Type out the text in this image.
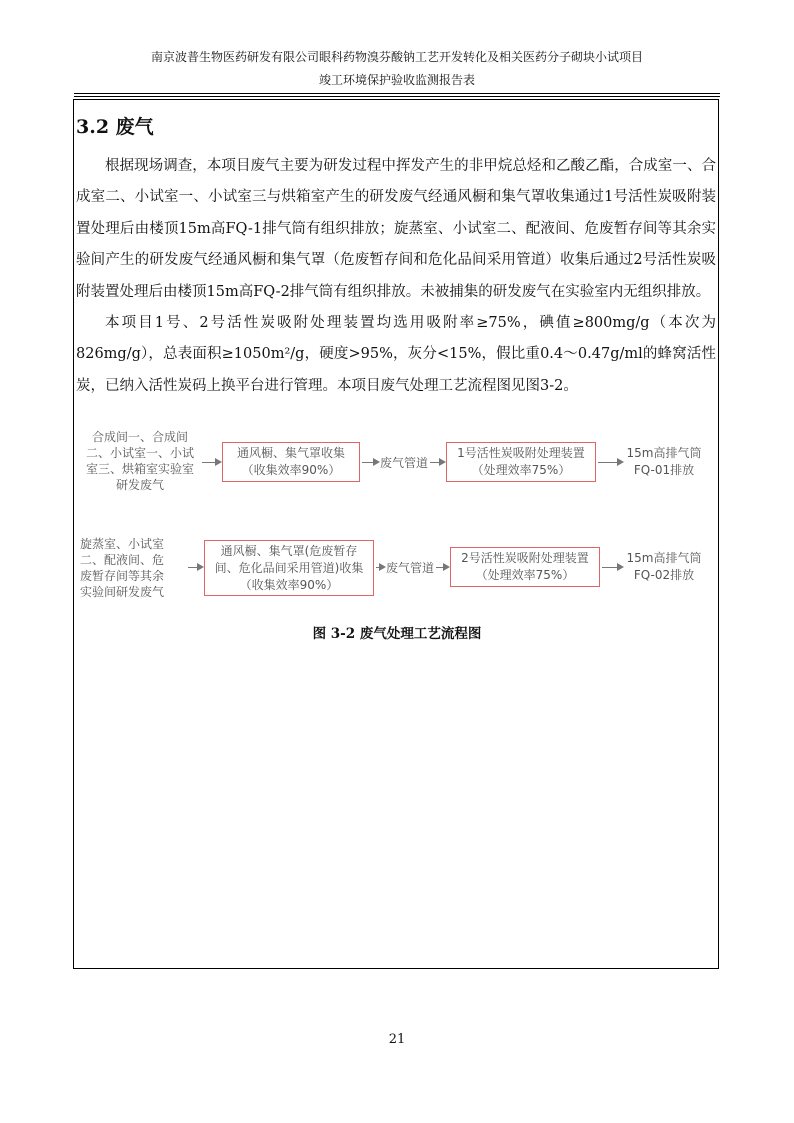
南京波普生物医药研发有限公司眼科药物溴芬酸钠工艺开发转化及相关医药分子砌块小试项目
竣工环境保护验收监测报告表
3.2 废气

根据现场调查，本项目废气主要为研发过程中挥发产生的非甲烷总烃和乙酸乙酯，合成室一、合成室二、小试室一、小试室三与烘箱室产生的研发废气经通风橱和集气罩收集通过1号活性炭吸附装置处理后由楼顶15m高FQ-1排气筒有组织排放；旋蒸室、小试室二、配液间、危废暂存间等其余实验间产生的研发废气经通风橱和集气罩（危废暂存间和危化品间采用管道）收集后通过2号活性炭吸附装置处理后由楼顶15m高FQ-2排气筒有组织排放。未被捕集的研发废气在实验室内无组织排放。

本项目1号、2号活性炭吸附处理装置均选用吸附率≥75%，碘值≥800mg/g（本次为826mg/g），总表面积≥1050m²/g，硬度>95%，灰分<15%，假比重0.4～0.47g/ml的蜂窝活性炭，已纳入活性炭码上换平台进行管理。本项目废气处理工艺流程图见图3-2。

合成间一、合成间
二、小试室一、小试
室三、烘箱室实验室
研发废气
通风橱、集气罩收集
（收集效率90%）	废气管道
1号活性炭吸附处理装置
（处理效率75%）
15m高排气筒
FQ-01排放
旋蒸室、小试室
二、配液间、危
废暂存间等其余
实验间研发废气
通风橱、集气罩(危废暂存
间、危化品间采用管道)收集
（收集效率90%）
废气管道
2号活性炭吸附处理装置
（处理效率75%）
15m高排气筒
FQ-02排放
图 3-2 废气处理工艺流程图
21
